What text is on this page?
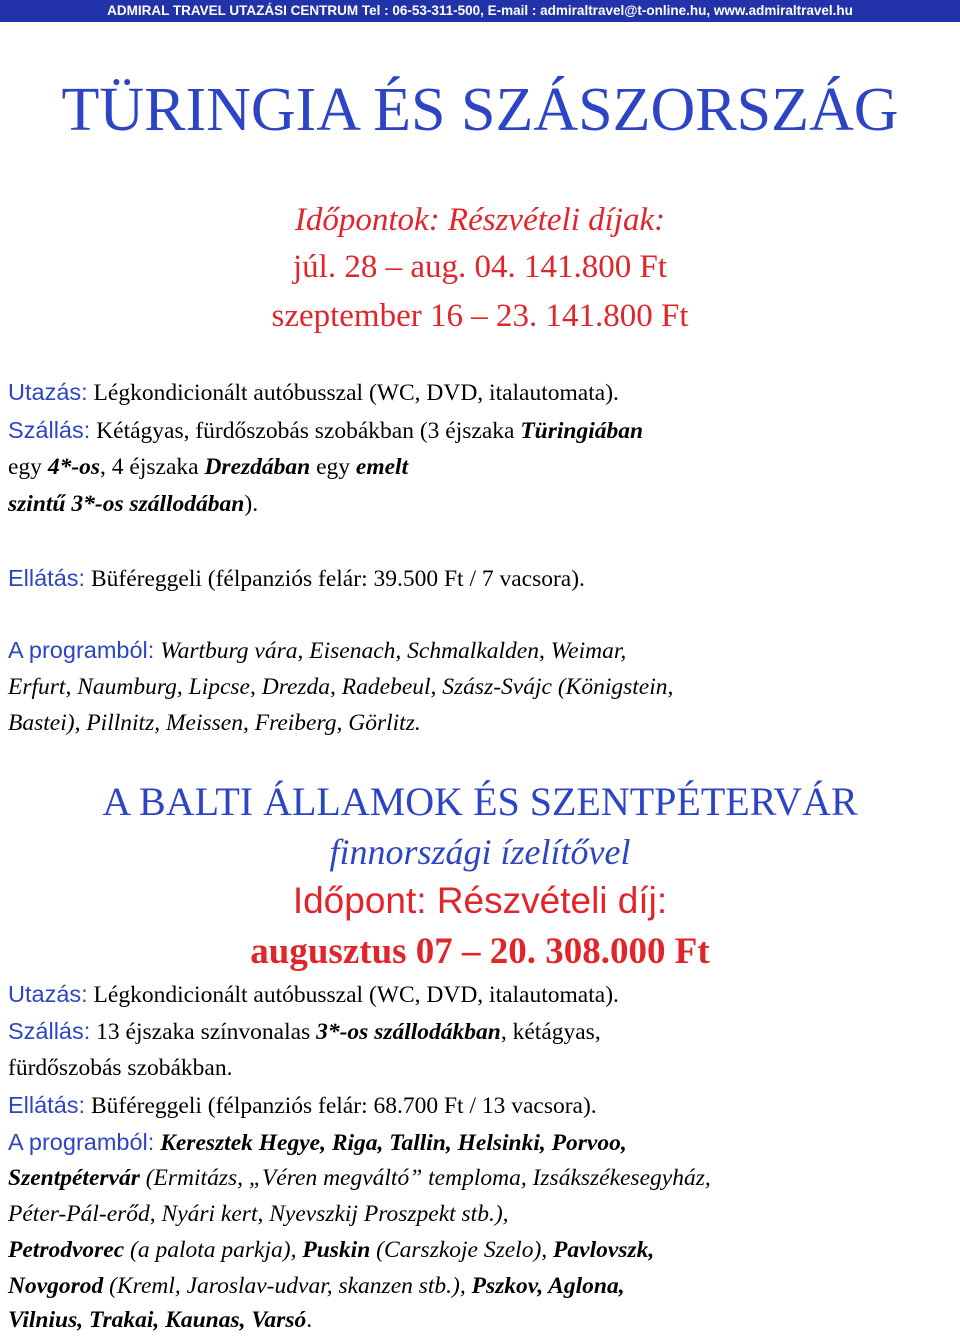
ADMIRAL TRAVEL UTAZÁSI CENTRUM Tel : 06-53-311-500, E-mail : admiraltravel@t-online.hu, www.admiraltravel.hu
TÜRINGIA ÉS SZÁSZORSZÁG
Időpontok: Részvételi díjak:
júl. 28 – aug. 04. 141.800 Ft
szeptember 16 – 23. 141.800 Ft
Utazás: Légkondicionált autóbusszal (WC, DVD, italautomata).
Szállás: Kétágyas, fürdőszobás szobákban (3 éjszaka Türingiában
egy 4*-os, 4 éjszaka Drezdában egy emelt
szintű 3*-os szállodában).
Ellátás: Büféreggeli (félpanziós felár: 39.500 Ft / 7 vacsora).
A programból: Wartburg vára, Eisenach, Schmalkalden, Weimar,
Erfurt, Naumburg, Lipcse, Drezda, Radebeul, Szász-Svájc (Königstein,
Bastei), Pillnitz, Meissen, Freiberg, Görlitz.
A BALTI ÁLLAMOK ÉS SZENTPÉTERVÁR
finnországi ízelítővel
Időpont: Részvételi díj:
augusztus 07 – 20. 308.000 Ft
Utazás: Légkondicionált autóbusszal (WC, DVD, italautomata).
Szállás: 13 éjszaka színvonalas 3*-os szállodákban, kétágyas,
fürdőszobás szobákban.
Ellátás: Büféreggeli (félpanziós felár: 68.700 Ft / 13 vacsora).
A programból: Keresztek Hegye, Riga, Tallin, Helsinki, Porvoo,
Szentpétervár (Ermitázs, „Véren megváltó” temploma, Izsákszékesegyház,
Péter-Pál-erőd, Nyári kert, Nyevszkij Proszpekt stb.),
Petrodvorec (a palota parkja), Puskin (Carszkoje Szelo), Pavlovszk,
Novgorod (Kreml, Jaroslav-udvar, skanzen stb.), Pszkov, Aglona,
Vilnius, Trakai, Kaunas, Varsó.
